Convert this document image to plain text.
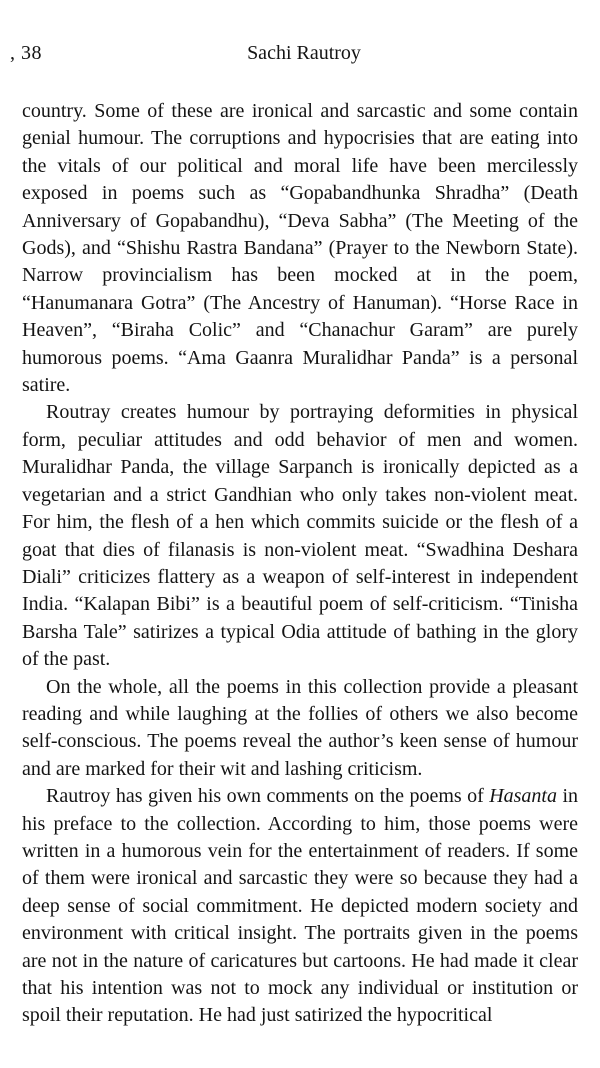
, 38	Sachi Rautroy

country. Some of these are ironical and sarcastic and some contain genial humour. The corruptions and hypocrisies that are eating into the vitals of our political and moral life have been mercilessly exposed in poems such as “Gopabandhunka Shradha” (Death Anniversary of Gopabandhu), “Deva Sabha” (The Meeting of the Gods), and “Shishu Rastra Bandana” (Prayer to the Newborn State). Narrow provincialism has been mocked at in the poem, “Hanumanara Gotra” (The Ancestry of Hanuman). “Horse Race in Heaven”, “Biraha Colic” and “Chanachur Garam” are purely humorous poems. “Ama Gaanra Muralidhar Panda” is a personal satire.

Routray creates humour by portraying deformities in physical form, peculiar attitudes and odd behavior of men and women. Muralidhar Panda, the village Sarpanch is ironically depicted as a vegetarian and a strict Gandhian who only takes non-violent meat. For him, the flesh of a hen which commits suicide or the flesh of a goat that dies of filanasis is non-violent meat. “Swadhina Deshara Diali” criticizes flattery as a weapon of self-interest in independent India. “Kalapan Bibi” is a beautiful poem of self-criticism. “Tinisha Barsha Tale” satirizes a typical Odia attitude of bathing in the glory of the past.

On the whole, all the poems in this collection provide a pleasant reading and while laughing at the follies of others we also become self-conscious. The poems reveal the author’s keen sense of humour and are marked for their wit and lashing criticism.

Rautroy has given his own comments on the poems of Hasanta in his preface to the collection. According to him, those poems were written in a humorous vein for the entertainment of readers. If some of them were ironical and sarcastic they were so because they had a deep sense of social commitment. He depicted modern society and environment with critical insight. The portraits given in the poems are not in the nature of caricatures but cartoons. He had made it clear that his intention was not to mock any individual or institution or spoil their reputation. He had just satirized the hypocritical
